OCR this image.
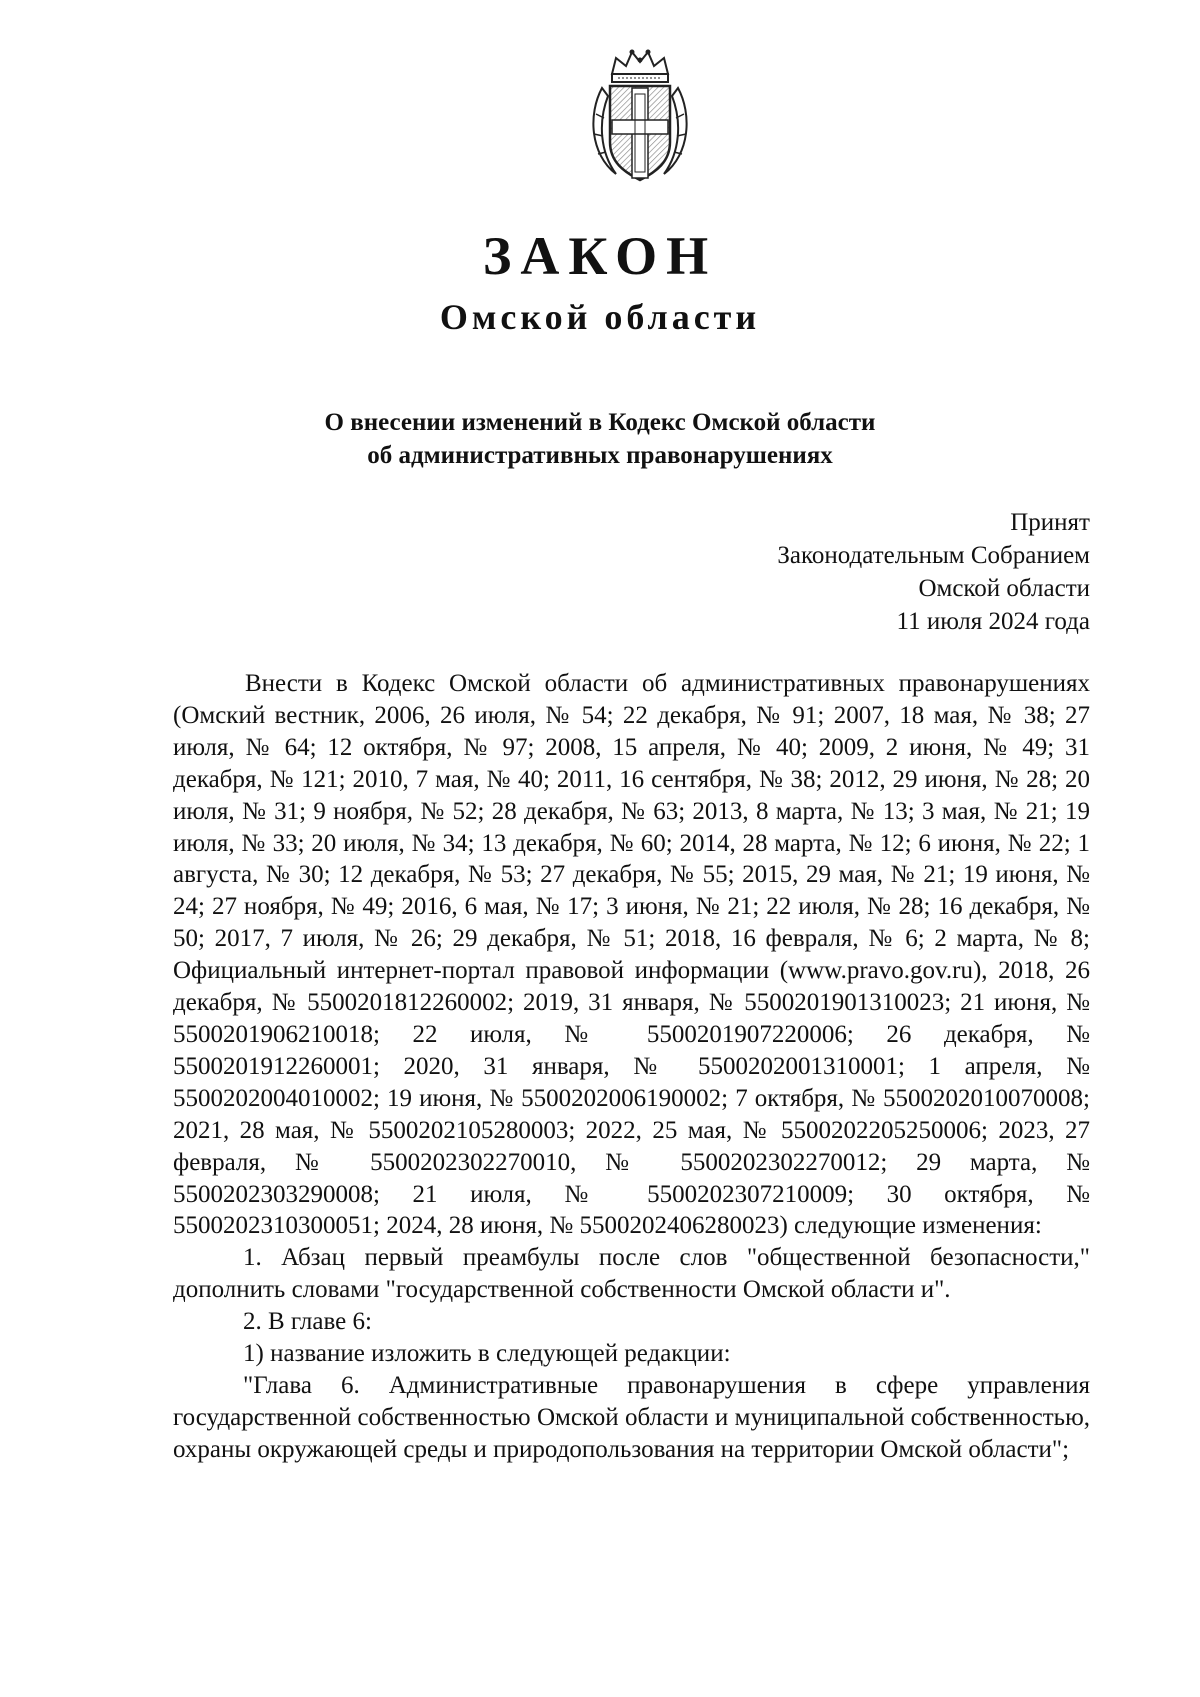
ЗАКОН
Омской области
О внесении изменений в Кодекс Омской области
об административных правонарушениях
Принят
Законодательным Собранием
Омской области
11 июля 2024 года

Внести в Кодекс Омской области об административных правонарушениях (Омский вестник, 2006, 26 июля, № 54; 22 декабря, № 91; 2007, 18 мая, № 38; 27 июля, № 64; 12 октября, № 97; 2008, 15 апреля, № 40; 2009, 2 июня, № 49; 31 декабря, № 121; 2010, 7 мая, № 40; 2011, 16 сентября, № 38; 2012, 29 июня, № 28; 20 июля, № 31; 9 ноября, № 52; 28 декабря, № 63; 2013, 8 марта, № 13; 3 мая, № 21; 19 июля, № 33; 20 июля, № 34; 13 декабря, № 60; 2014, 28 марта, № 12; 6 июня, № 22; 1 августа, № 30; 12 декабря, № 53; 27 декабря, № 55; 2015, 29 мая, № 21; 19 июня, № 24; 27 ноября, № 49; 2016, 6 мая, № 17; 3 июня, № 21; 22 июля, № 28; 16 декабря, № 50; 2017, 7 июля, № 26; 29 декабря, № 51; 2018, 16 февраля, № 6; 2 марта, № 8; Официальный интернет-портал правовой информации (www.pravo.gov.ru), 2018, 26 декабря, № 5500201812260002; 2019, 31 января, № 5500201901310023; 21 июня, № 5500201906210018; 22 июля, № 5500201907220006; 26 декабря, № 5500201912260001; 2020, 31 января, № 5500202001310001; 1 апреля, № 5500202004010002; 19 июня, № 5500202006190002; 7 октября, № 5500202010070008; 2021, 28 мая, № 5500202105280003; 2022, 25 мая, № 5500202205250006; 2023, 27 февраля, № 5500202302270010, № 5500202302270012; 29 марта, № 5500202303290008; 21 июля, № 5500202307210009; 30 октября, № 5500202310300051; 2024, 28 июня, № 5500202406280023) следующие изменения:

1. Абзац первый преамбулы после слов "общественной безопасности," дополнить словами "государственной собственности Омской области и".

2. В главе 6:

1) название изложить в следующей редакции:

"Глава 6. Административные правонарушения в сфере управления государственной собственностью Омской области и муниципальной собственностью, охраны окружающей среды и природопользования на территории Омской области";
